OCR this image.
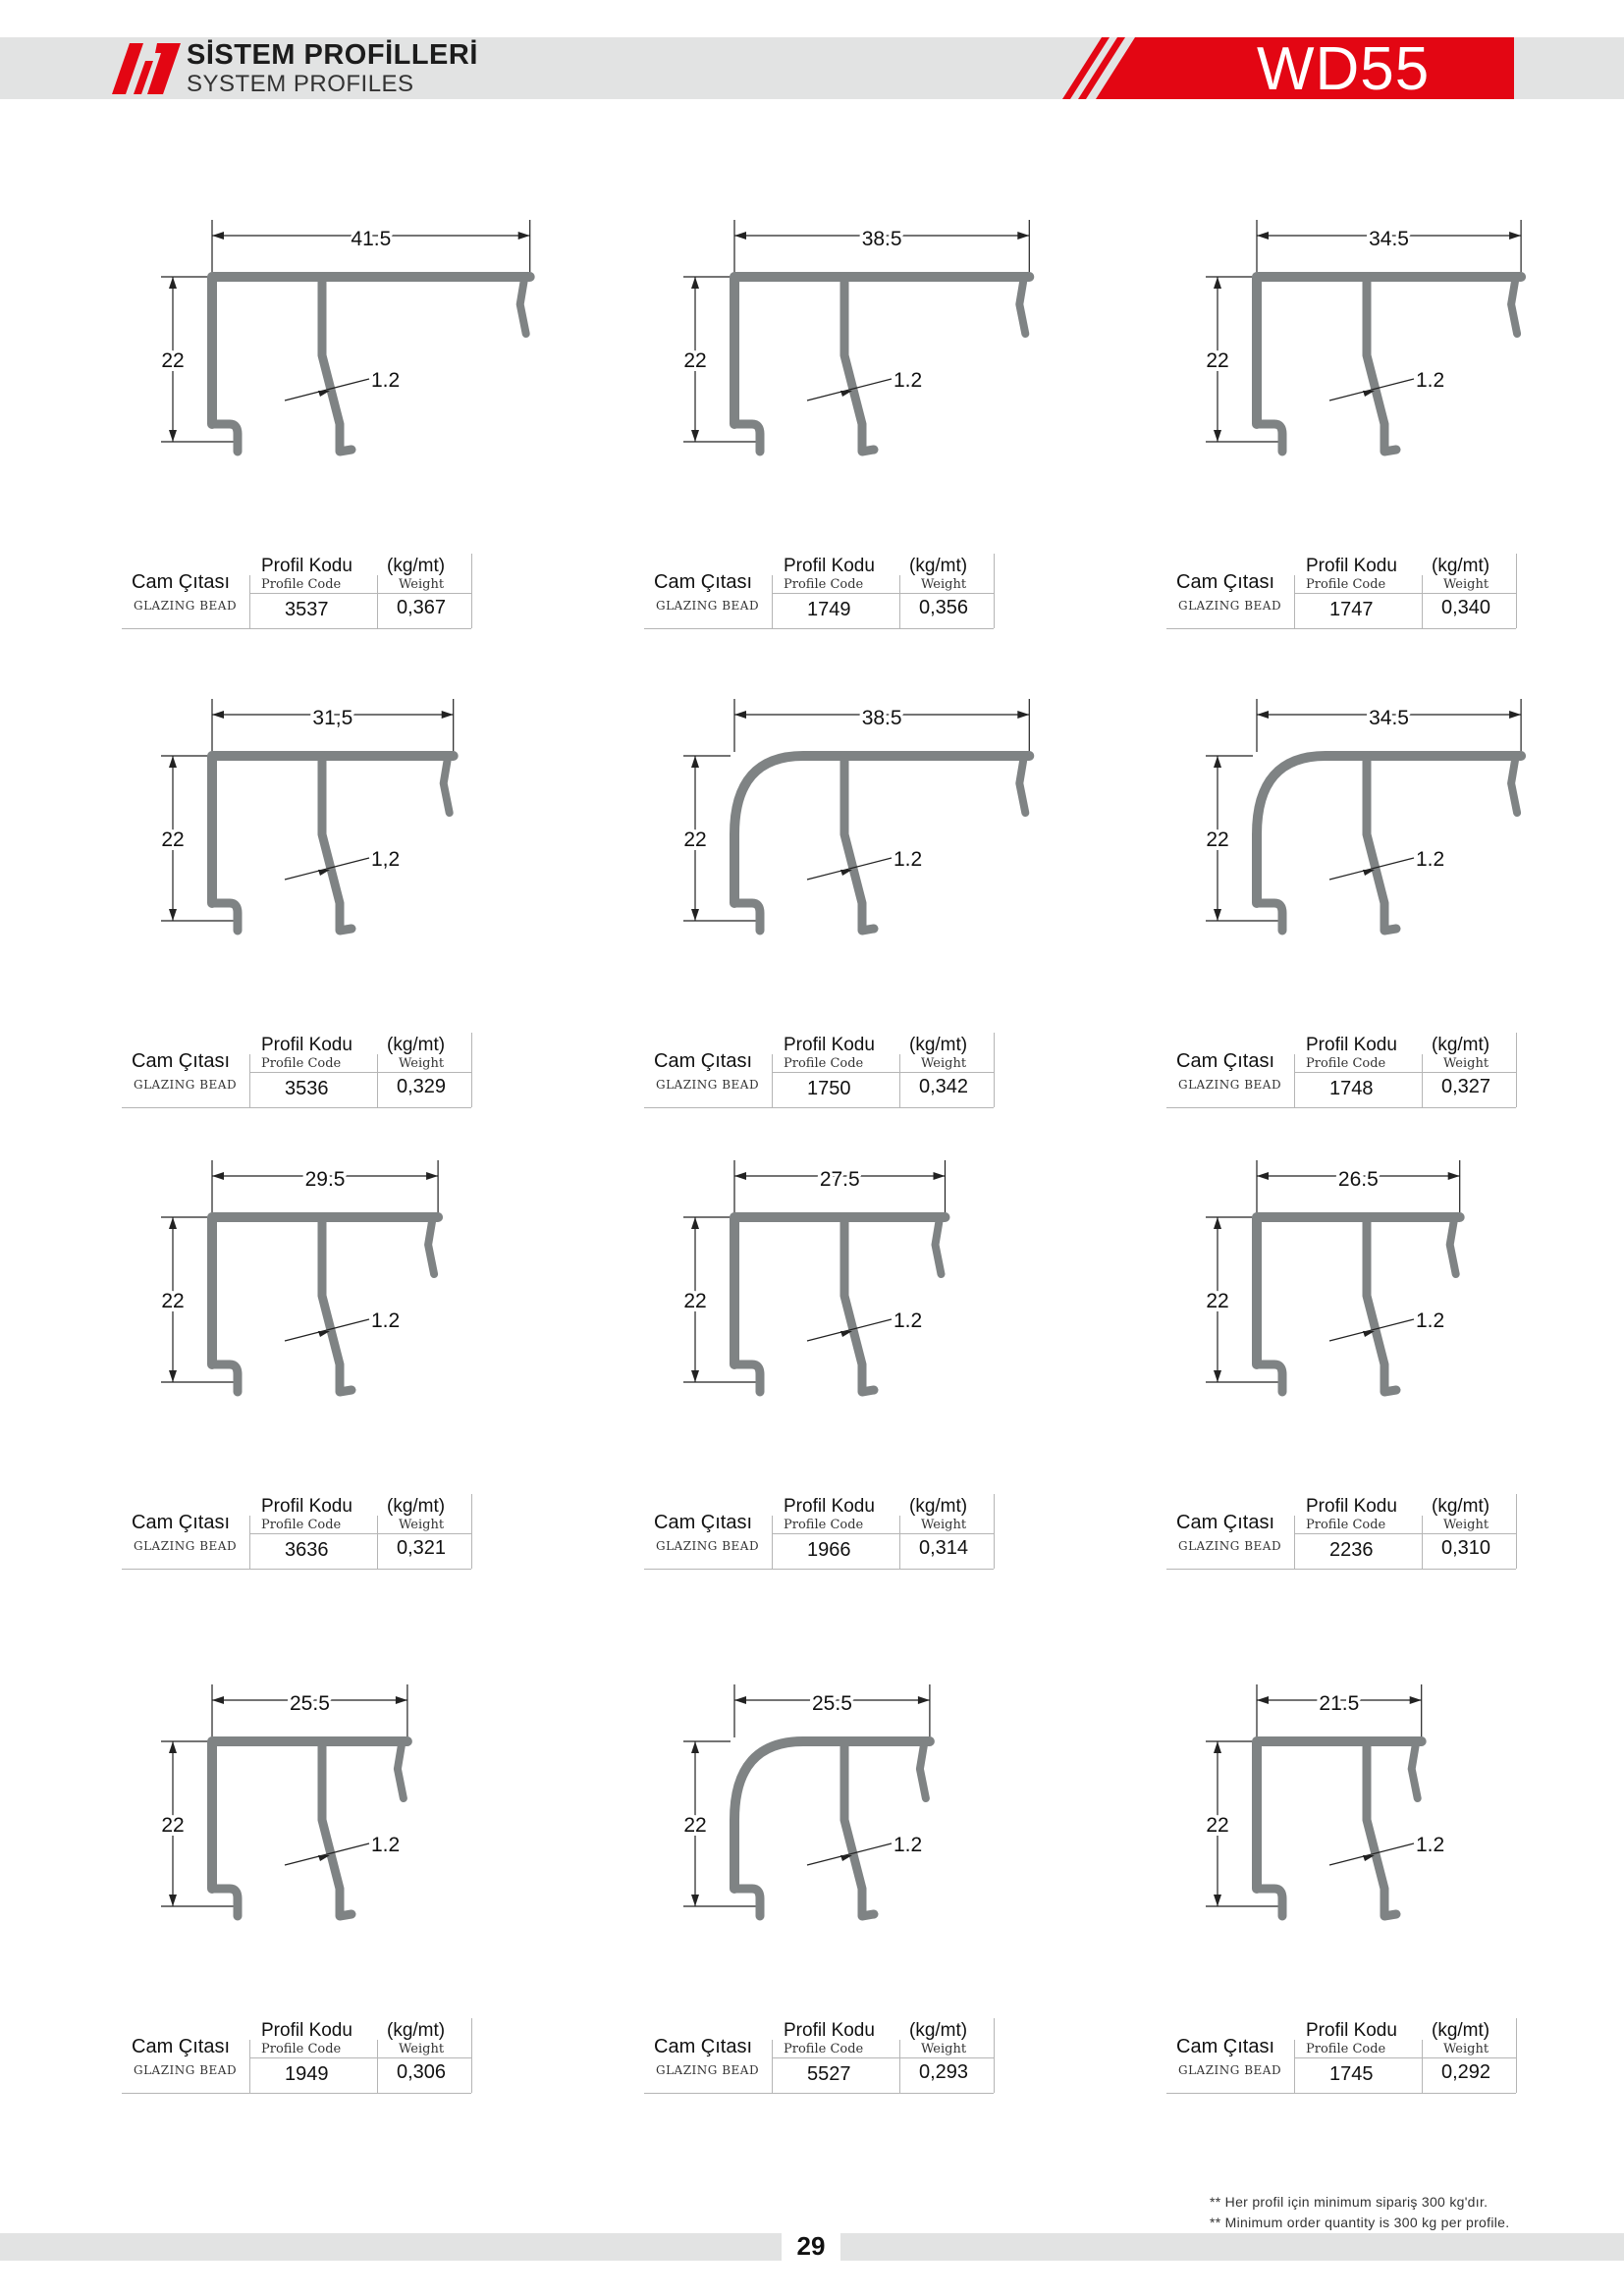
SİSTEM PROFİLLERİ
SYSTEM PROFILES	WD55
41.5
22
1.2
Cam Çıtası
GLAZING BEAD
Profil Kodu
Profile Code
(kg/mt)
Weight
3537	0,367
38.5
22
1.2
Cam Çıtası
GLAZING BEAD
Profil Kodu
Profile Code
(kg/mt)
Weight
1749	0,356
34.5
22
1.2
Cam Çıtası
GLAZING BEAD
Profil Kodu
Profile Code
(kg/mt)
Weight
1747	0,340
31,5
22
1,2
Cam Çıtası
GLAZING BEAD
Profil Kodu
Profile Code
(kg/mt)
Weight
3536	0,329
38.5
22
1.2
Cam Çıtası
GLAZING BEAD
Profil Kodu
Profile Code
(kg/mt)
Weight
1750	0,342
34.5
22
1.2
Cam Çıtası
GLAZING BEAD
Profil Kodu
Profile Code
(kg/mt)
Weight
1748	0,327
29.5
22
1.2
Cam Çıtası
GLAZING BEAD
Profil Kodu
Profile Code
(kg/mt)
Weight
3636	0,321
27.5
22
1.2
Cam Çıtası
GLAZING BEAD
Profil Kodu
Profile Code
(kg/mt)
Weight
1966	0,314
26.5
22
1.2
Cam Çıtası
GLAZING BEAD
Profil Kodu
Profile Code
(kg/mt)
Weight
2236	0,310
25.5
22
1.2
Cam Çıtası
GLAZING BEAD
Profil Kodu
Profile Code
(kg/mt)
Weight
1949	0,306
25.5
22
1.2
Cam Çıtası
GLAZING BEAD
Profil Kodu
Profile Code
(kg/mt)
Weight
5527	0,293
21.5
22
1.2
Cam Çıtası
GLAZING BEAD
Profil Kodu
Profile Code
(kg/mt)
Weight
1745	0,292
** Her profil için minimum sipariş 300 kg'dır.
** Minimum order quantity is 300 kg per profile.
29
